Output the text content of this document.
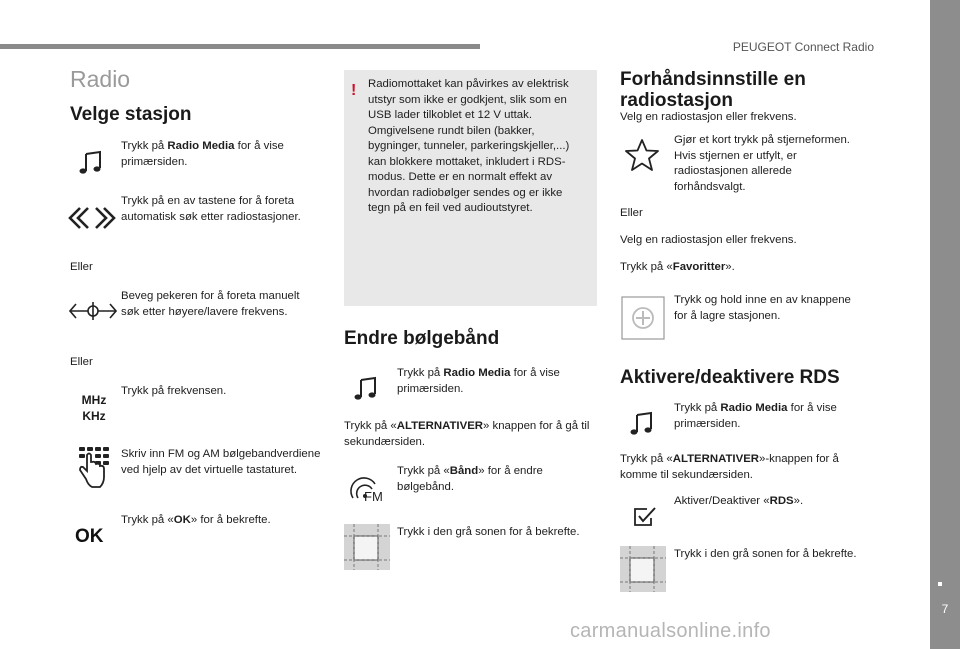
PEUGEOT Connect Radio
7
Radio
Velge stasjon
Trykk på Radio Media for å vise primærsiden.
Trykk på en av tastene for å foreta automatisk søk etter radiostasjoner.
Eller
Beveg pekeren for å foreta manuelt søk etter høyere/lavere frekvens.
Eller
MHz
KHz
Trykk på frekvensen.
Skriv inn FM og AM bølgebandverdiene ved hjelp av det virtuelle tastaturet.
OK
Trykk på «OK» for å bekrefte.
! Radiomottaket kan påvirkes av elektrisk utstyr som ikke er godkjent, slik som en USB lader tilkoblet et 12 V uttak. Omgivelsene rundt bilen (bakker, bygninger, tunneler, parkeringskjeller,...) kan blokkere mottaket, inkludert i RDS-modus. Dette er en normalt effekt av hvordan radiobølger sendes og er ikke tegn på en feil ved audioutstyret.
Endre bølgebånd
Trykk på Radio Media for å vise primærsiden.
Trykk på «ALTERNATIVER» knappen for å gå til sekundærsiden.
FM
Trykk på «Bånd» for å endre bølgebånd.
Trykk i den grå sonen for å bekrefte.
Forhåndsinnstille en radiostasjon
Velg en radiostasjon eller frekvens.
Gjør et kort trykk på stjerneformen. Hvis stjernen er utfylt, er radiostasjonen allerede forhåndsvalgt.
Eller
Velg en radiostasjon eller frekvens.
Trykk på «Favoritter».
Trykk og hold inne en av knappene for å lagre stasjonen.
Aktivere/deaktivere RDS
Trykk på Radio Media for å vise primærsiden.
Trykk på «ALTERNATIVER»-knappen for å komme til sekundærsiden.
Aktiver/Deaktiver «RDS».
Trykk i den grå sonen for å bekrefte.
carmanualsonline.info
